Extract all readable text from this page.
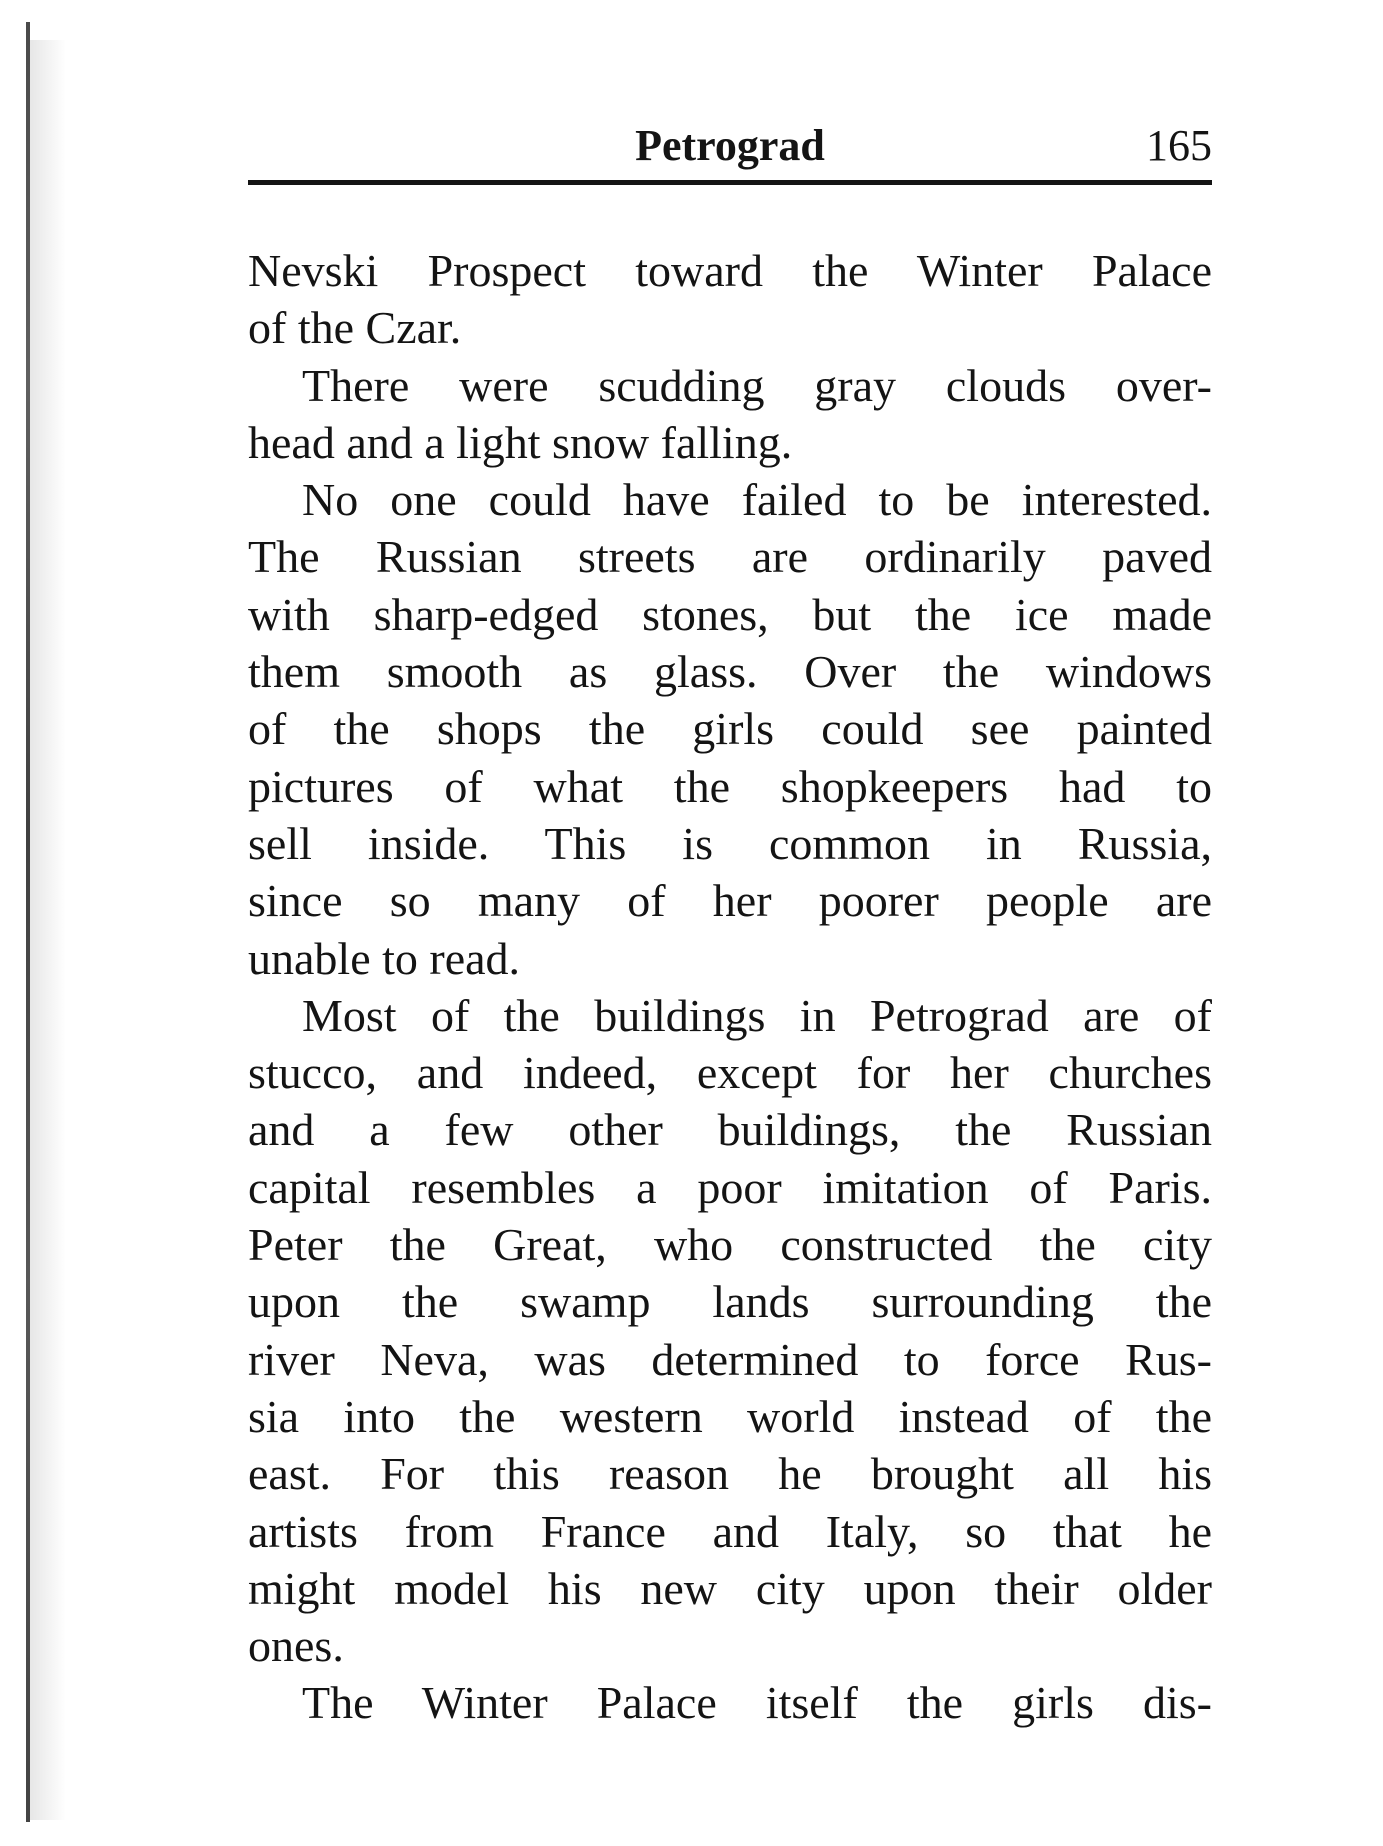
Petrograd	165
Nevski Prospect toward the Winter Palace
of the Czar.
There were scudding gray clouds over-
head and a light snow falling.
No one could have failed to be interested.
The Russian streets are ordinarily paved
with sharp-edged stones, but the ice made
them smooth as glass. Over the windows
of the shops the girls could see painted
pictures of what the shopkeepers had to
sell inside. This is common in Russia,
since so many of her poorer people are
unable to read.
Most of the buildings in Petrograd are of
stucco, and indeed, except for her churches
and a few other buildings, the Russian
capital resembles a poor imitation of Paris.
Peter the Great, who constructed the city
upon the swamp lands surrounding the
river Neva, was determined to force Rus-
sia into the western world instead of the
east. For this reason he brought all his
artists from France and Italy, so that he
might model his new city upon their older
ones.
The Winter Palace itself the girls dis-
